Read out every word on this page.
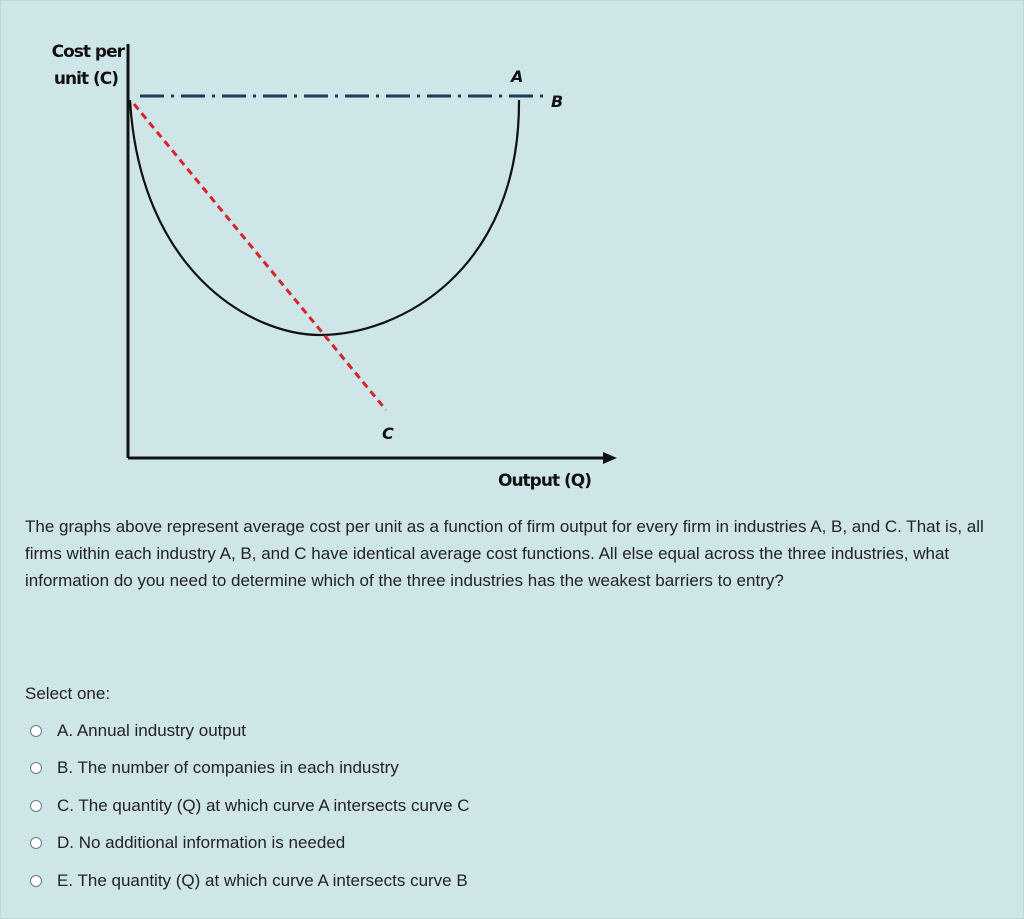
Cost per
unit (C)
Output (Q)
A
B
C

The graphs above represent average cost per unit as a function of firm output for every firm in industries A, B, and C. That is, all firms within each industry A, B, and C have identical average cost functions. All else equal across the three industries, what information do you need to determine which of the three industries has the weakest barriers to entry?

Select one:

A. Annual industry output
B. The number of companies in each industry
C. The quantity (Q) at which curve A intersects curve C
D. No additional information is needed
E. The quantity (Q) at which curve A intersects curve B
